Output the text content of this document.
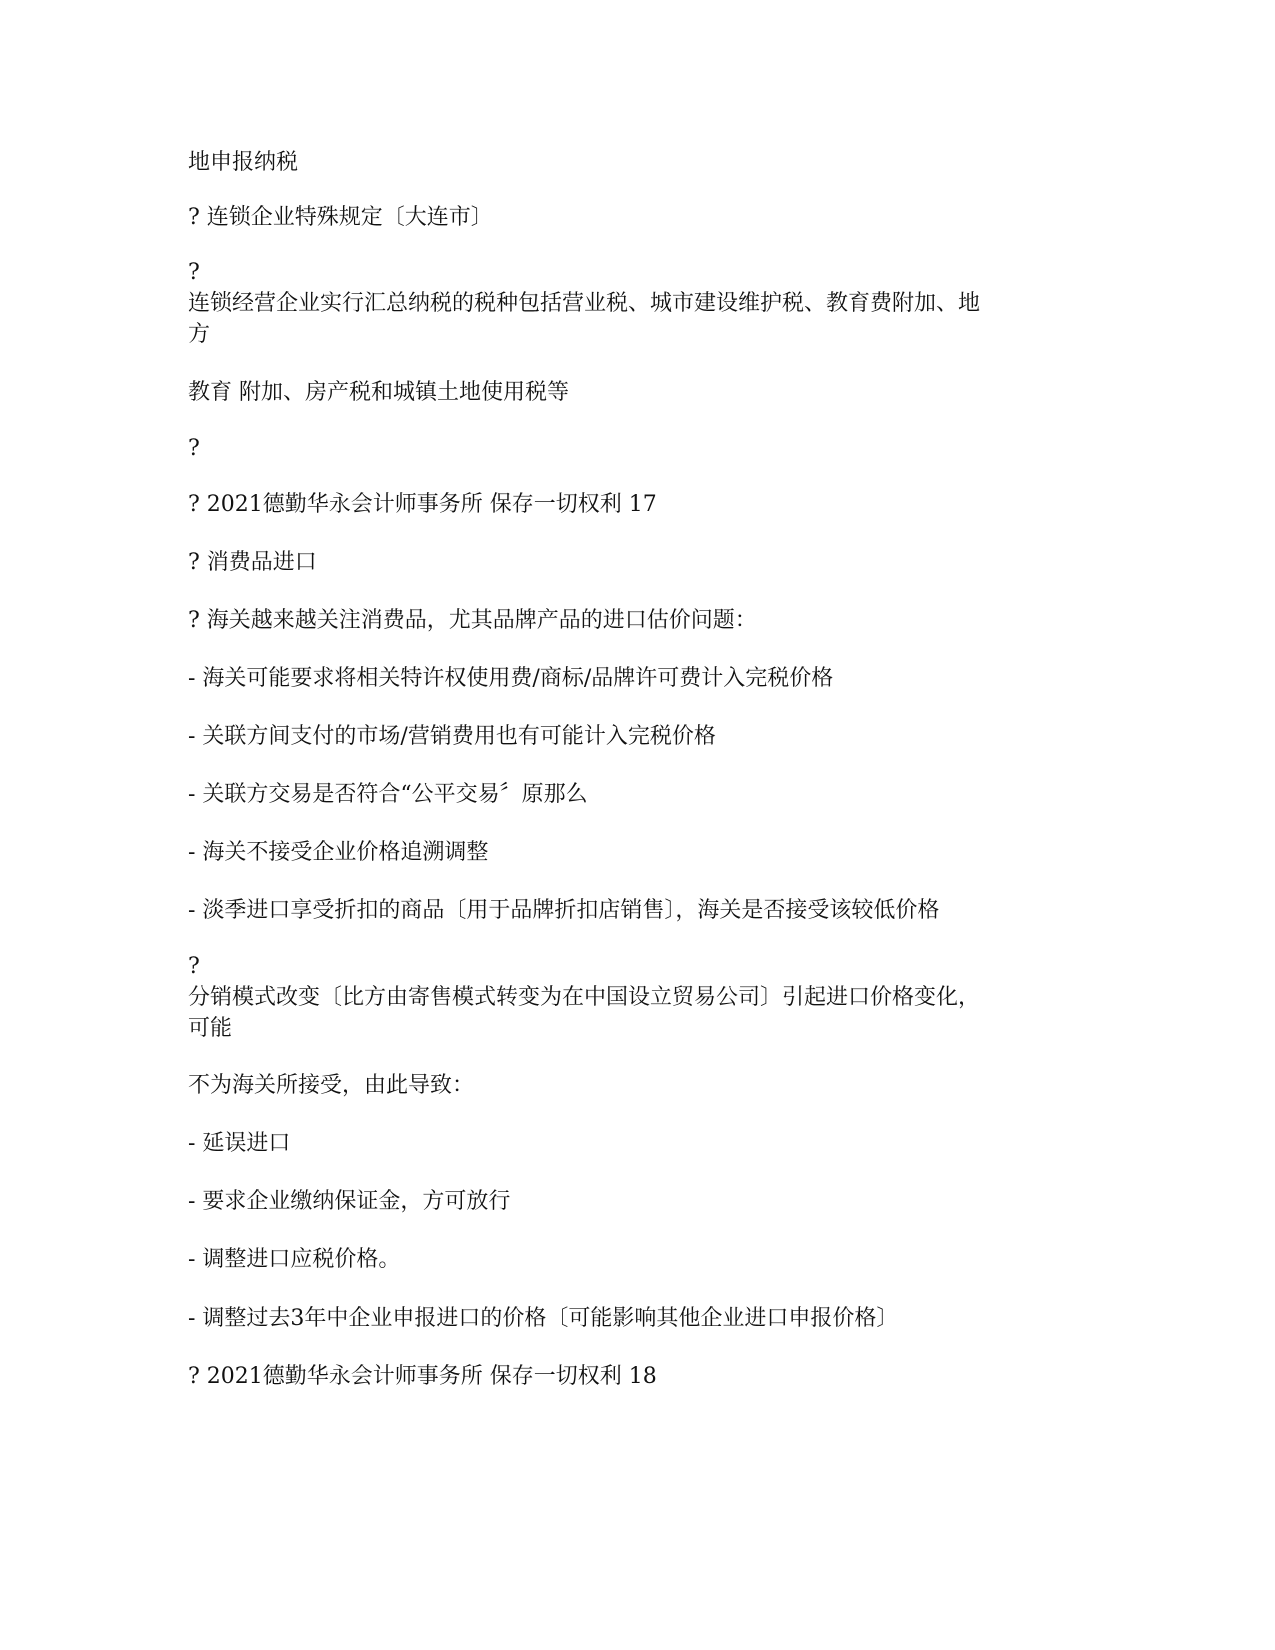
地申报纳税

? 连锁企业特殊规定〔大连市〕

?

连锁经营企业实行汇总纳税的税种包括营业税、城市建设维护税、教育费附加、地

方

教育 附加、房产税和城镇土地使用税等

?

? 2021德勤华永会计师事务所 保存一切权利 17

? 消费品进口

? 海关越来越关注消费品，尤其品牌产品的进口估价问题：

- 海关可能要求将相关特许权使用费/商标/品牌许可费计入完税价格

- 关联方间支付的市场/营销费用也有可能计入完税价格

- 关联方交易是否符合“公平交易〞原那么

- 海关不接受企业价格追溯调整

- 淡季进口享受折扣的商品〔用于品牌折扣店销售〕，海关是否接受该较低价格

?

分销模式改变〔比方由寄售模式转变为在中国设立贸易公司〕引起进口价格变化，

可能

不为海关所接受，由此导致：

- 延误进口

- 要求企业缴纳保证金，方可放行

- 调整进口应税价格。

- 调整过去3年中企业申报进口的价格〔可能影响其他企业进口申报价格〕

? 2021德勤华永会计师事务所 保存一切权利 18
